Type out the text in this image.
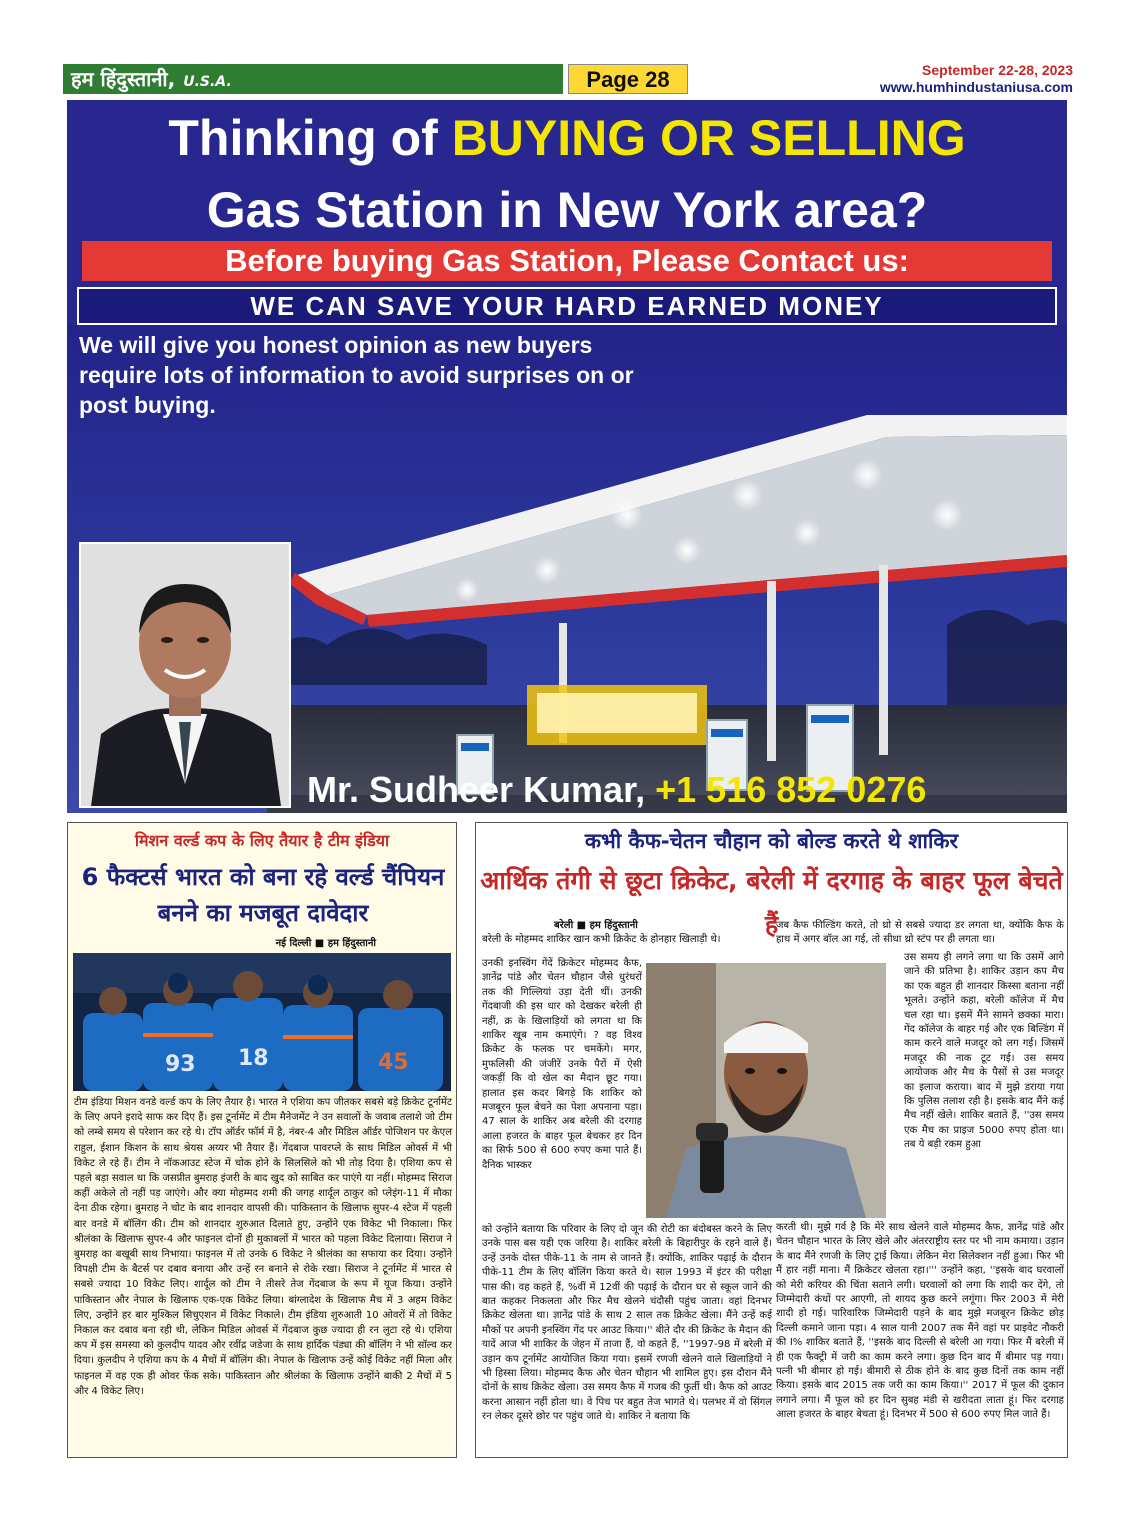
हम हिंदुस्तानी, U.S.A.	Page 28	September 22-28, 2023
www.humhindustaniusa.com
Thinking of BUYING OR SELLING
Gas Station in New York area?
Before buying Gas Station, Please Contact us:
WE CAN SAVE YOUR HARD EARNED MONEY
We will give you honest opinion as new buyers require lots of information to avoid surprises on or post buying.
Mr. Sudheer Kumar, +1 516 852 0276
मिशन वर्ल्ड कप के लिए तैयार है टीम इंडिया
6 फैक्टर्स भारत को बना रहे वर्ल्ड चैंपियन बनने का मजबूत दावेदार
नई दिल्ली ■ हम हिंदुस्तानी
93 18	45

टीम इंडिया मिशन वनडे वर्ल्ड कप के लिए तैयार है। भारत ने एशिया कप जीतकर सबसे बड़े क्रिकेट टूर्नामेंट के लिए अपने इरादे साफ कर दिए हैं। इस टूर्नामेंट में टीम मैनेजमेंट ने उन सवालों के जवाब तलाशे जो टीम को लम्बे समय से परेशान कर रहे थे। टॉप ऑर्डर फॉर्म में है, नंबर-4 और मिडिल ऑर्डर पोजिशन पर केएल राहुल, ईशान किशन के साथ श्रेयस अय्यर भी तैयार हैं। गेंदबाज पावरप्ले के साथ मिडिल ओवर्स में भी विकेट ले रहे हैं। टीम ने नॉकआउट स्टेज में चोक होने के सिलसिले को भी तोड़ दिया है। एशिया कप से पहले बड़ा सवाल था कि जसप्रीत बुमराह इंजरी के बाद खुद को साबित कर पाएंगे या नहीं। मोहम्मद सिराज कहीं अकेले तो नहीं पड़ जाएंगे। और क्या मोहम्मद शमी की जगह शार्दूल ठाकुर को प्लेइंग-11 में मौका देना ठीक रहेगा। बुमराह ने चोट के बाद शानदार वापसी की। पाकिस्तान के खिलाफ सुपर-4 स्टेज में पहली बार वनडे में बॉलिंग की। टीम को शानदार शुरुआत दिलाते हुए, उन्होंने एक विकेट भी निकाला। फिर श्रीलंका के खिलाफ सुपर-4 और फाइनल दोनों ही मुकाबलों में भारत को पहला विकेट दिलाया। सिराज ने बुमराह का बखूबी साथ निभाया। फाइनल में तो उनके 6 विकेट ने श्रीलंका का सफाया कर दिया। उन्होंने विपक्षी टीम के बैटर्स पर दबाव बनाया और उन्हें रन बनाने से रोके रखा। सिराज ने टूर्नामेंट में भारत से सबसे ज्यादा 10 विकेट लिए। शार्दूल को टीम ने तीसरे तेज गेंदबाज के रूप में यूज किया। उन्होंने पाकिस्तान और नेपाल के खिलाफ एक-एक विकेट लिया। बांग्लादेश के खिलाफ मैच में 3 अहम विकेट लिए, उन्होंने हर बार मुश्किल सिचुएशन में विकेट निकाले। टीम इंडिया शुरुआती 10 ओवरों में तो विकेट निकाल कर दबाव बना रही थी, लेकिन मिडिल ओवर्स में गेंदबाज कुछ ज्यादा ही रन लुटा रहे थे। एशिया कप में इस समस्या को कुलदीप यादव और रवींद्र जडेजा के साथ हार्दिक पंड्या की बॉलिंग ने भी सॉल्व कर दिया। कुलदीप ने एशिया कप के 4 मैचों में बॉलिंग की। नेपाल के खिलाफ उन्हें कोई विकेट नहीं मिला और फाइनल में वह एक ही ओवर फेंक सके। पाकिस्तान और श्रीलंका के खिलाफ उन्होंने बाकी 2 मैचों में 5 और 4 विकेट लिए।

कभी कैफ-चेतन चौहान को बोल्ड करते थे शाकिर
आर्थिक तंगी से छूटा क्रिकेट, बरेली में दरगाह के बाहर फूल बेचते हैं
बरेली ■ हम हिंदुस्तानी

बरेली के मोहम्मद शाकिर खान कभी क्रिकेट के होनहार खिलाड़ी थे।

उनकी इनस्विंग गेंदें क्रिकेटर मोहम्मद कैफ, ज्ञानेंद्र पांडे और चेतन चौहान जैसे धुरंधरों तक की गिल्लियां उड़ा देती थीं। उनकी गेंदबाजी की इस धार को देखकर बरेली ही नहीं, क्र के खिलाड़ियों को लगता था कि शाकिर खूब नाम कमाएंगे। ? वह विश्व क्रिकेट के फलक पर चमकेंगे। मगर, मुफलिसी की जंजीरें उनके पैरों में ऐसी जकड़ीं कि वो खेल का मैदान छूट गया। हालात इस कदर बिगड़े कि शाकिर को मजबूरन फूल बेचने का पेशा अपनाना पड़ा। 47 साल के शाकिर अब बरेली की दरगाह आला हजरत के बाहर फूल बेचकर हर दिन का सिर्फ 500 से 600 रुपए कमा पाते हैं। दैनिक भास्कर

को उन्होंने बताया कि परिवार के लिए दो जून की रोटी का बंदोबस्त करने के लिए उनके पास बस यही एक जरिया है। शाकिर बरेली के बिहारीपुर के रहने वाले हैं। उन्हें उनके दोस्त पीके-11 के नाम से जानते हैं। क्योंकि, शाकिर पढ़ाई के दौरान पीके-11 टीम के लिए बॉलिंग किया करते थे। साल 1993 में इंटर की परीक्षा पास की। वह कहते हैं, %वीं में 12वीं की पढ़ाई के दौरान घर से स्कूल जाने की बात कहकर निकलता और फिर मैच खेलने चंदौसी पहुंच जाता। वहां दिनभर क्रिकेट खेलता था। ज्ञानेंद्र पांडे के साथ 2 साल तक क्रिकेट खेला। मैंने उन्हें कई मौकों पर अपनी इनस्विंग गेंद पर आउट किया।'' बीते दौर की क्रिकेट के मैदान की यादें आज भी शाकिर के जेहन में ताजा हैं, वो कहते हैं, ''1997-98 में बरेली में उड़ान कप टूर्नामेंट आयोजित किया गया। इसमें रणजी खेलने वाले खिलाड़ियों ने भी हिस्सा लिया। मोहम्मद कैफ और चेतन चौहान भी शामिल हुए। इस दौरान मैंने दोनों के साथ क्रिकेट खेला। उस समय कैफ में गजब की फुर्ती थी। कैफ को आउट करना आसान नहीं होता था। वे पिच पर बहुत तेज भागते थे। पलभर में वो सिंगल रन लेकर दूसरे छोर पर पहुंच जाते थे। शाकिर ने बताया कि

जब कैफ फील्डिंग करते, तो थ्रो से सबसे ज्यादा डर लगता था, क्योंकि कैफ के हाथ में अगर बॉल आ गई, तो सीधा थ्रो स्टंप पर ही लगता था।

उस समय ही लगने लगा था कि उसमें आगे जाने की प्रतिभा है। शाकिर उड़ान कप मैच का एक बहुत ही शानदार किस्सा बताना नहीं भूलते। उन्होंने कहा, बरेली कॉलेज में मैच चल रहा था। इसमें मैंने सामने छक्का मारा। गेंद कॉलेज के बाहर गई और एक बिल्डिंग में काम करने वाले मजदूर को लग गई। जिसमें मजदूर की नाक टूट गई। उस समय आयोजक और मैच के पैसों से उस मजदूर का इलाज कराया। बाद में मुझे डराया गया कि पुलिस तलाश रही है। इसके बाद मैंने कई मैच नहीं खेले। शाकिर बताते हैं, ''उस समय एक मैच का प्राइज 5000 रुपए होता था। तब ये बड़ी रकम हुआ

करती थी। मुझे गर्व है कि मेरे साथ खेलने वाले मोहम्मद कैफ, ज्ञानेंद्र पांडे और चेतन चौहान भारत के लिए खेले और अंतरराष्ट्रीय स्तर पर भी नाम कमाया। उड़ान के बाद मैंने रणजी के लिए ट्राई किया। लेकिन मेरा सिलेक्शन नहीं हुआ। फिर भी मैं हार नहीं माना। मैं क्रिकेटर खेलता रहा।''' उन्होंने कहा, ''इसके बाद घरवालों को मेरी करियर की चिंता सताने लगी। घरवालों को लगा कि शादी कर देंगे, तो जिम्मेदारी कंधों पर आएगी, तो शायद कुछ करने लगूंगा। फिर 2003 में मेरी शादी हो गई। पारिवारिक जिम्मेदारी पड़ने के बाद मुझे मजबूरन क्रिकेट छोड़ दिल्ली कमाने जाना पड़ा। 4 साल यानी 2007 तक मैंने वहां पर प्राइवेट नौकरी की I% शाकिर बताते हैं, ''इसके बाद दिल्ली से बरेली आ गया। फिर मैं बरेली में ही एक फैक्ट्री में जरी का काम करने लगा। कुछ दिन बाद मैं बीमार पड़ गया। पत्नी भी बीमार हो गई। बीमारी से ठीक होने के बाद कुछ दिनों तक काम नहीं किया। इसके बाद 2015 तक जरी का काम किया।'' 2017 में फूल की दुकान लगाने लगा। मैं फूल को हर दिन सुबह मंडी से खरीदता लाता हूं। फिर दरगाह आला हजरत के बाहर बेचता हूं। दिनभर में 500 से 600 रुपए मिल जाते हैं।
